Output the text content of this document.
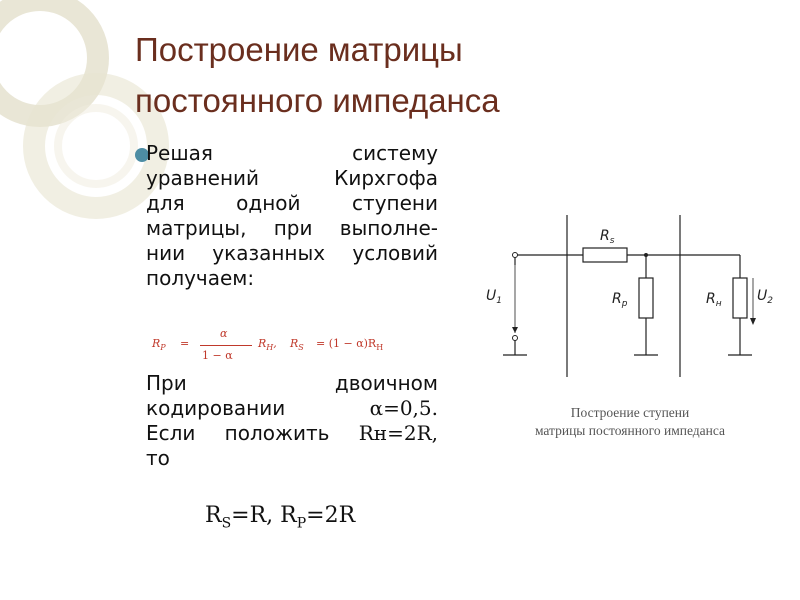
Построение матрицы
постоянного импеданса
Решая систему
уравнений Кирхгофа
для одной ступени
матрицы, при выполне-
нии указанных условий
получаем:
$R_P$ =
α
1 − α
$R_H$, $R_S = (1 - \alpha)R_H$
При двоичном
кодировании	α=0,5.
Если положить Rн=2R,
то
$R_S=R$, $R_P=2R$
$R_s$
$R_p$	$R_н$
$U_1$	$U_2$
Построение ступени
матрицы постоянного импеданса
